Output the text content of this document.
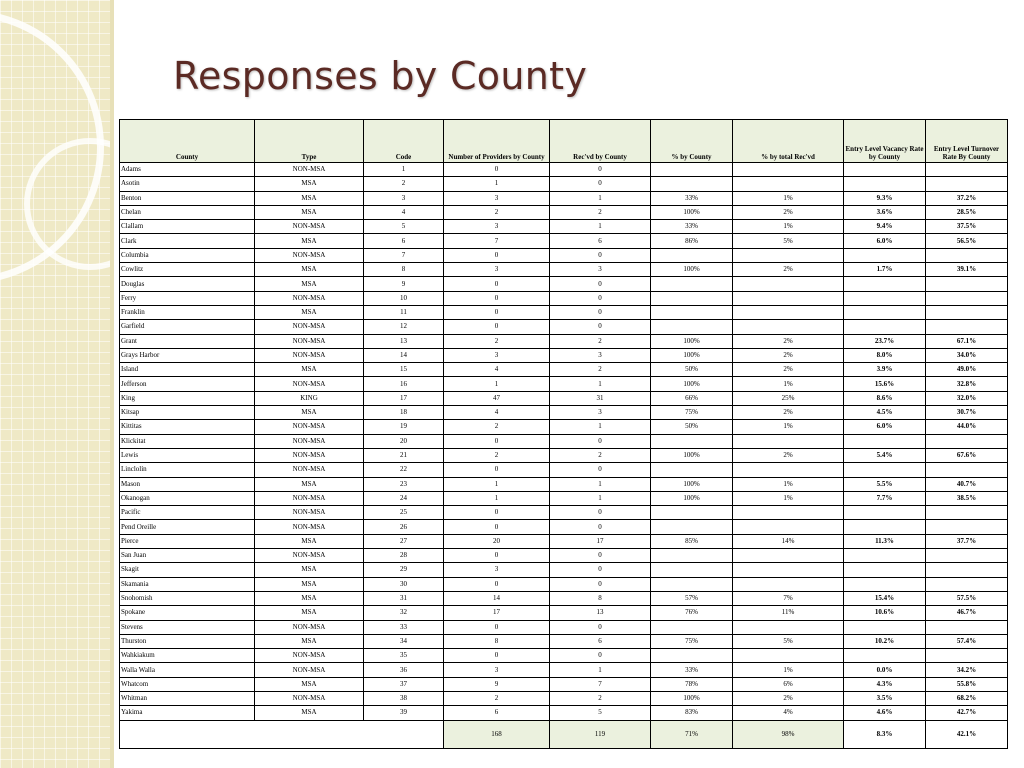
Responses by County
County	Type	Code	Number of Providers by County	Rec'vd by County	% by County	% by total Rec'vd	Entry Level Vacancy Rate by County	Entry Level Turnover Rate By County
Adams	NON-MSA	1	0	0				
Asotin	MSA	2	1	0				
Benton	MSA	3	3	1	33%	1%	9.3%	37.2%
Chelan	MSA	4	2	2	100%	2%	3.6%	28.5%
Clallam	NON-MSA	5	3	1	33%	1%	9.4%	37.5%
Clark	MSA	6	7	6	86%	5%	6.0%	56.5%
Columbia	NON-MSA	7	0	0				
Cowlitz	MSA	8	3	3	100%	2%	1.7%	39.1%
Douglas	MSA	9	0	0				
Ferry	NON-MSA	10	0	0				
Franklin	MSA	11	0	0				
Garfield	NON-MSA	12	0	0				
Grant	NON-MSA	13	2	2	100%	2%	23.7%	67.1%
Grays Harbor	NON-MSA	14	3	3	100%	2%	8.0%	34.0%
Island	MSA	15	4	2	50%	2%	3.9%	49.0%
Jefferson	NON-MSA	16	1	1	100%	1%	15.6%	32.8%
King	KING	17	47	31	66%	25%	8.6%	32.0%
Kitsap	MSA	18	4	3	75%	2%	4.5%	30.7%
Kittitas	NON-MSA	19	2	1	50%	1%	6.0%	44.0%
Klickitat	NON-MSA	20	0	0				
Lewis	NON-MSA	21	2	2	100%	2%	5.4%	67.6%
Linclolín	NON-MSA	22	0	0				
Mason	MSA	23	1	1	100%	1%	5.5%	40.7%
Okanogan	NON-MSA	24	1	1	100%	1%	7.7%	38.5%
Pacific	NON-MSA	25	0	0				
Pend Oreille	NON-MSA	26	0	0				
Pierce	MSA	27	20	17	85%	14%	11.3%	37.7%
San Juan	NON-MSA	28	0	0				
Skagit	MSA	29	3	0				
Skamania	MSA	30	0	0				
Snohomish	MSA	31	14	8	57%	7%	15.4%	57.5%
Spokane	MSA	32	17	13	76%	11%	10.6%	46.7%
Stevens	NON-MSA	33	0	0				
Thurston	MSA	34	8	6	75%	5%	10.2%	57.4%
Wahkiakum	NON-MSA	35	0	0				
Walla Walla	NON-MSA	36	3	1	33%	1%	0.0%	34.2%
Whatcom	MSA	37	9	7	78%	6%	4.3%	55.8%
Whitman	NON-MSA	38	2	2	100%	2%	3.5%	68.2%
Yakima	MSA	39	6	5	83%	4%	4.6%	42.7%
			168	119	71%	98%	8.3%	42.1%
